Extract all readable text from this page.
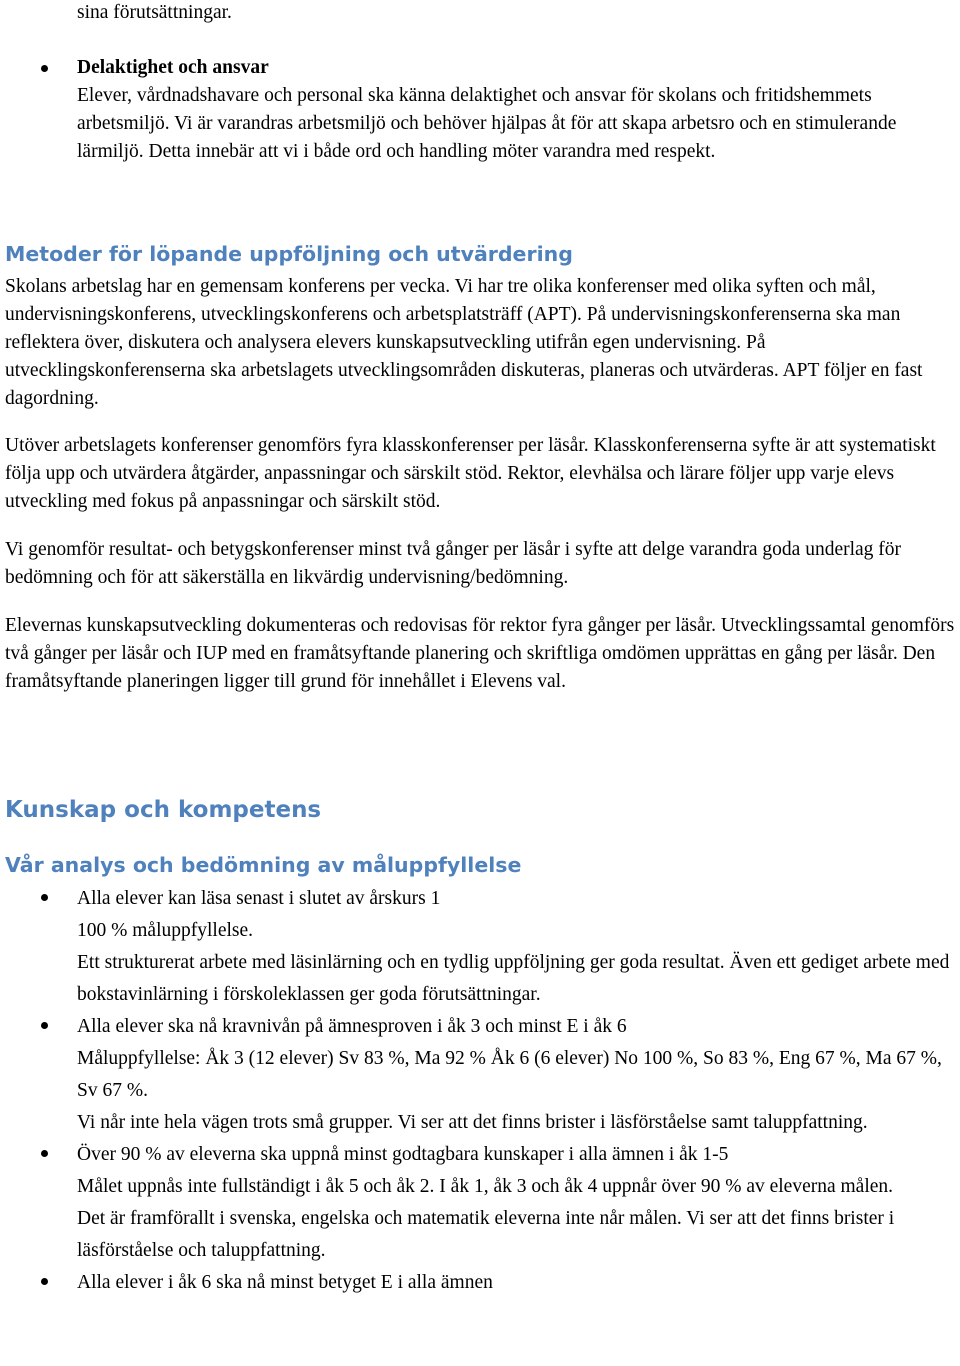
sina förutsättningar.

Delaktighet och ansvar

Elever, vårdnadshavare och personal ska känna delaktighet och ansvar för skolans och fritidshemmets arbetsmiljö. Vi är varandras arbetsmiljö och behöver hjälpas åt för att skapa arbetsro och en stimulerande lärmiljö. Detta innebär att vi i både ord och handling möter varandra med respekt.

Metoder för löpande uppföljning och utvärdering

Skolans arbetslag har en gemensam konferens per vecka. Vi har tre olika konferenser med olika syften och mål, undervisningskonferens, utvecklingskonferens och arbetsplatsträff (APT). På undervisningskonferenserna ska man reflektera över, diskutera och analysera elevers kunskapsutveckling utifrån egen undervisning. På utvecklingskonferenserna ska arbetslagets utvecklingsområden diskuteras, planeras och utvärderas. APT följer en fast dagordning.

Utöver arbetslagets konferenser genomförs fyra klasskonferenser per läsår. Klasskonferenserna syfte är att systematiskt följa upp och utvärdera åtgärder, anpassningar och särskilt stöd. Rektor, elevhälsa och lärare följer upp varje elevs utveckling med fokus på anpassningar och särskilt stöd.

Vi genomför resultat- och betygskonferenser minst två gånger per läsår i syfte att delge varandra goda underlag för bedömning och för att säkerställa en likvärdig undervisning/bedömning.

Elevernas kunskapsutveckling dokumenteras och redovisas för rektor fyra gånger per läsår. Utvecklingssamtal genomförs två gånger per läsår och IUP med en framåtsyftande planering och skriftliga omdömen upprättas en gång per läsår. Den framåtsyftande planeringen ligger till grund för innehållet i Elevens val.

Kunskap och kompetens
Vår analys och bedömning av måluppfyllelse

Alla elever kan läsa senast i slutet av årskurs 1

100 % måluppfyllelse.

Ett strukturerat arbete med läsinlärning och en tydlig uppföljning ger goda resultat. Även ett gediget arbete med bokstavinlärning i förskoleklassen ger goda förutsättningar.

Alla elever ska nå kravnivån på ämnesproven i åk 3 och minst E i åk 6

Måluppfyllelse: Åk 3 (12 elever) Sv 83 %, Ma 92 % Åk 6 (6 elever) No 100 %, So 83 %, Eng 67 %, Ma 67 %, Sv 67 %.

Vi når inte hela vägen trots små grupper. Vi ser att det finns brister i läsförståelse samt taluppfattning.

Över 90 % av eleverna ska uppnå minst godtagbara kunskaper i alla ämnen i åk 1-5

Målet uppnås inte fullständigt i åk 5 och åk 2. I åk 1, åk 3 och åk 4 uppnår över 90 % av eleverna målen.

Det är framförallt i svenska, engelska och matematik eleverna inte når målen. Vi ser att det finns brister i läsförståelse och taluppfattning.

Alla elever i åk 6 ska nå minst betyget E i alla ämnen
